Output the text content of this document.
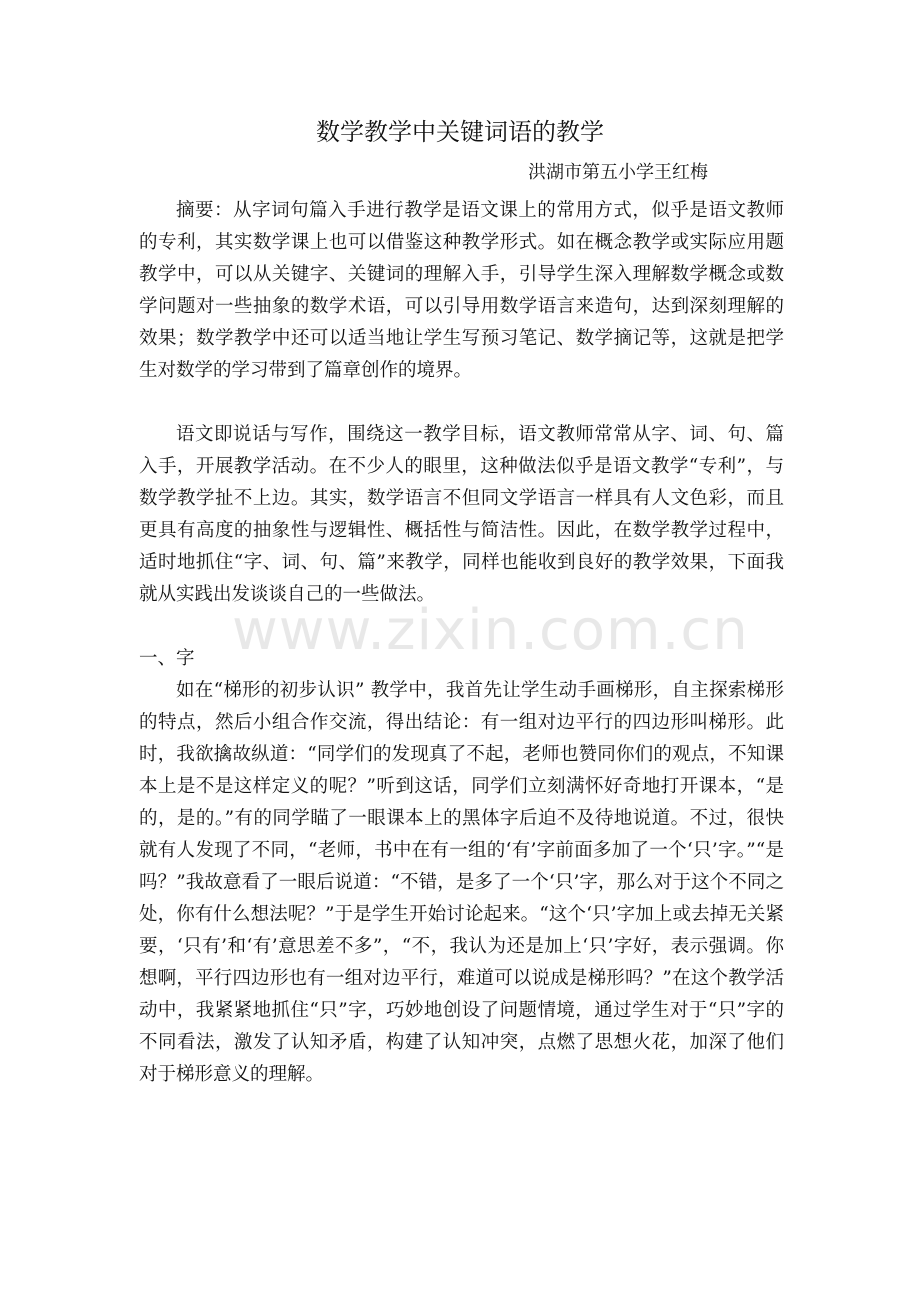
数学教学中关键词语的教学

洪湖市第五小学王红梅

摘要：从字词句篇入手进行教学是语文课上的常用方式，似乎是语文教师的专利，其实数学课上也可以借鉴这种教学形式。如在概念教学或实际应用题教学中，可以从关键字、关键词的理解入手，引导学生深入理解数学概念或数学问题对一些抽象的数学术语，可以引导用数学语言来造句，达到深刻理解的效果；数学教学中还可以适当地让学生写预习笔记、数学摘记等，这就是把学生对数学的学习带到了篇章创作的境界。

语文即说话与写作，围绕这一教学目标，语文教师常常从字、词、句、篇入手，开展教学活动。在不少人的眼里，这种做法似乎是语文教学“专利”，与数学教学扯不上边。其实，数学语言不但同文学语言一样具有人文色彩，而且更具有高度的抽象性与逻辑性、概括性与简洁性。因此，在数学教学过程中，适时地抓住“字、词、句、篇”来教学，同样也能收到良好的教学效果，下面我就从实践出发谈谈自己的一些做法。

一、字

如在“梯形的初步认识” 教学中，我首先让学生动手画梯形，自主探索梯形的特点，然后小组合作交流，得出结论：有一组对边平行的四边形叫梯形。此时，我欲擒故纵道：“同学们的发现真了不起，老师也赞同你们的观点，不知课本上是不是这样定义的呢？”听到这话，同学们立刻满怀好奇地打开课本，“是的，是的。”有的同学瞄了一眼课本上的黑体字后迫不及待地说道。不过，很快就有人发现了不同，“老师，书中在有一组的‘有’字前面多加了一个‘只’字。”“是吗？”我故意看了一眼后说道：“不错，是多了一个‘只’字，那么对于这个不同之处，你有什么想法呢？”于是学生开始讨论起来。“这个‘只’字加上或去掉无关紧要，‘只有’和‘有’意思差不多”，“不，我认为还是加上‘只’字好，表示强调。你想啊，平行四边形也有一组对边平行，难道可以说成是梯形吗？”在这个教学活动中，我紧紧地抓住“只”字，巧妙地创设了问题情境，通过学生对于“只”字的不同看法，激发了认知矛盾，构建了认知冲突，点燃了思想火花，加深了他们对于梯形意义的理解。

www.zixin.com.cn
